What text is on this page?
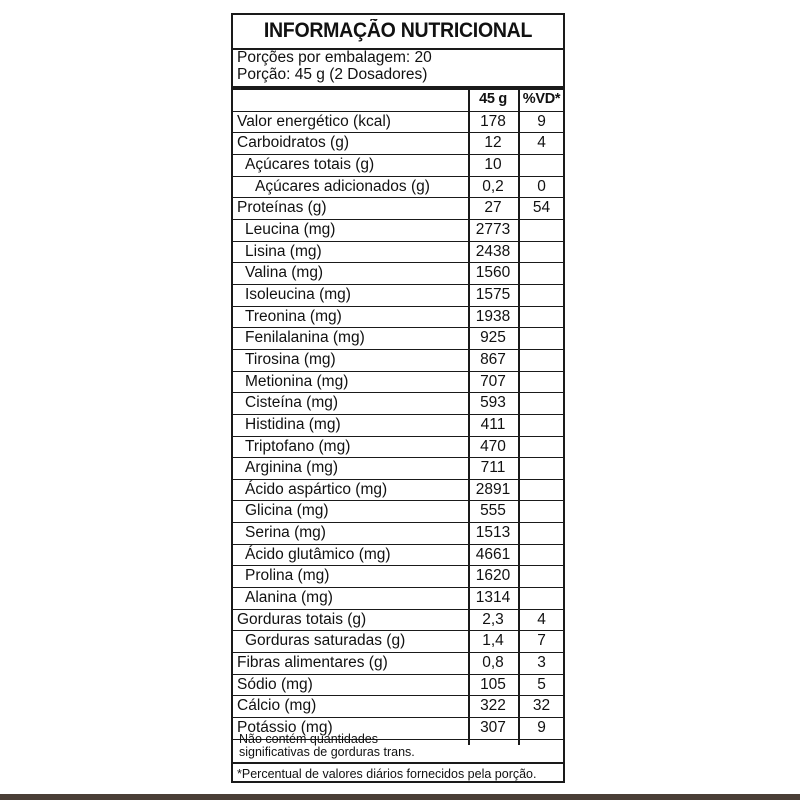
INFORMAÇÃO NUTRICIONAL
Porções por embalagem: 20
Porção: 45 g (2 Dosadores)
45 g	%VD*
Valor energético (kcal)	178	9
Carboidratos (g)	12	4
Açúcares totais (g)	10
Açúcares adicionados (g)	0,2	0
Proteínas (g)	27	54
Leucina (mg)	2773
Lisina (mg)	2438
Valina (mg)	1560
Isoleucina (mg)	1575
Treonina (mg)	1938
Fenilalanina (mg)	925
Tirosina (mg)	867
Metionina (mg)	707
Cisteína (mg)	593
Histidina (mg)	411
Triptofano (mg)	470
Arginina (mg)	711
Ácido aspártico (mg)	2891
Glicina (mg)	555
Serina (mg)	1513
Ácido glutâmico (mg)	4661
Prolina (mg)	1620
Alanina (mg)	1314
Gorduras totais (g)	2,3	4
Gorduras saturadas (g)	1,4	7
Fibras alimentares (g)	0,8	3
Sódio (mg)	105	5
Cálcio (mg)	322	32
Potássio (mg)	307	9
Não contém quantidades
significativas de gorduras trans.
*Percentual de valores diários fornecidos pela porção.
